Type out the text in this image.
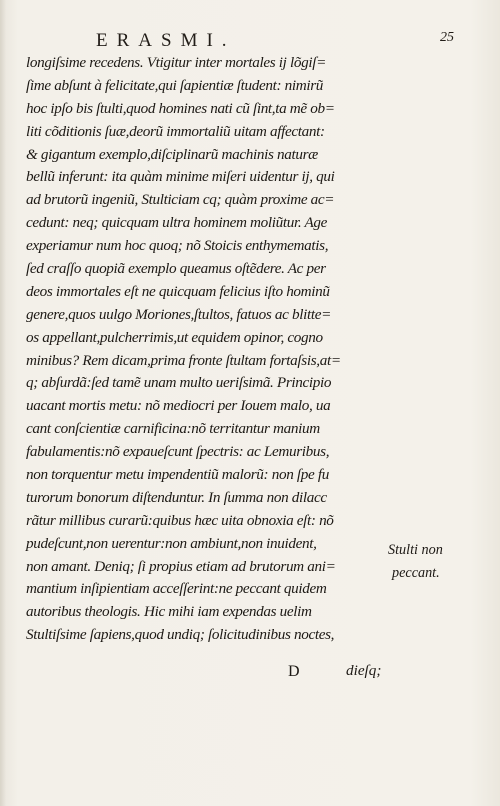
ERASMI.	25
longiſsime recedens. Vtigitur inter mortales ij lõgiſ=
ſime abſunt à felicitate,qui ſapientiæ ſtudent: nimirũ
hoc ipſo bis ſtulti,quod homines nati cũ ſint,ta mẽ ob=
liti cõditionis ſuæ,deorũ immortaliũ uitam affectant:
& gigantum exemplo,diſciplinarũ machinis naturæ
bellũ inferunt: ita quàm minime miſeri uidentur ij, qui
ad brutorũ ingeniũ, Stulticiam cq; quàm proxime ac=
cedunt: neq; quicquam ultra hominem moliũtur. Age
experiamur num hoc quoq; nõ Stoicis enthymematis,
ſed craſſo quopiã exemplo queamus oſtẽdere. Ac per
deos immortales eſt ne quicquam felicius iſto hominũ
genere,quos uulgo Moriones,ſtultos, fatuos ac blitte=
os appellant,pulcherrimis,ut equidem opinor, cogno
minibus? Rem dicam,prima fronte ſtultam fortaſsis,at=
q; abſurdã:ſed tamẽ unam multo ueriſsimã. Principio
uacant mortis metu: nõ mediocri per Iouem malo, ua
cant conſcientiæ carnificina:nõ territantur manium
fabulamentis:nõ expaueſcunt ſpectris: ac Lemuribus,
non torquentur metu impendentiũ malorũ: non ſpe fu
turorum bonorum diſtenduntur. In ſumma non dilacc
rãtur millibus curarũ:quibus hæc uita obnoxia eſt: nõ
pudeſcunt,non uerentur:non ambiunt,non inuident,
non amant. Deniq; ſi propius etiam ad brutorum ani=
mantium inſipientiam acceſſerint:ne peccant quidem
autoribus theologis. Hic mihi iam expendas uelim
Stultiſsime ſapiens,quod undiq; ſolicitudinibus noctes,
Stulti non
peccant.
D	dieſq;
